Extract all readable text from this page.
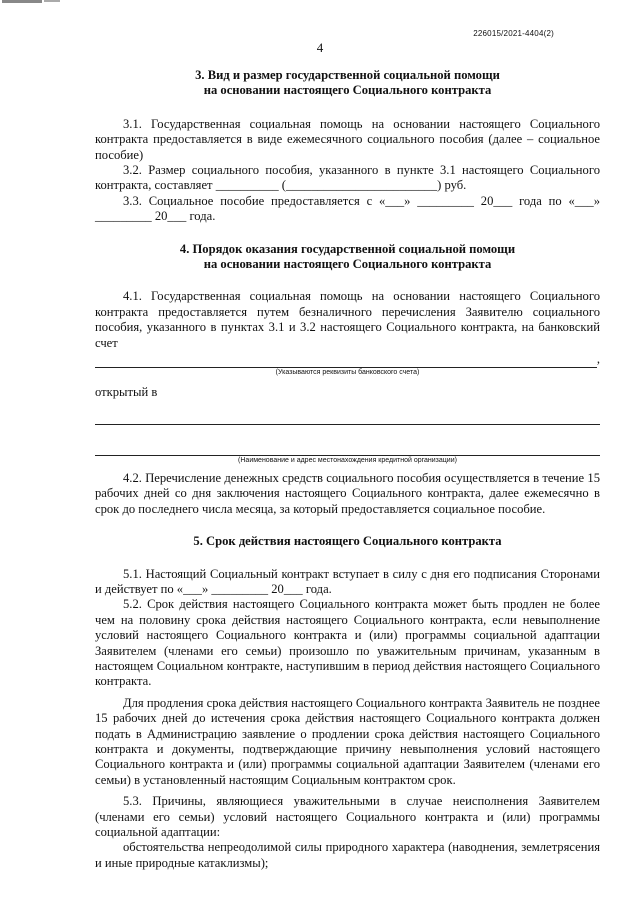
226015/2021-4404(2)
4

3. Вид и размер государственной социальной помощи
на основании настоящего Социального контракта

3.1. Государственная социальная помощь на основании настоящего Социального контракта предоставляется в виде ежемесячного социального пособия (далее – социальное пособие)

3.2. Размер социального пособия, указанного в пункте 3.1 настоящего Социального контракта, составляет __________ (________________________) руб.

3.3. Социальное пособие предоставляется с «___» _________ 20___ года по «___» _________ 20___ года.

4. Порядок оказания государственной социальной помощи
на основании настоящего Социального контракта

4.1. Государственная социальная помощь на основании настоящего Социального контракта предоставляется путем безналичного перечисления Заявителю социального пособия, указанного в пунктах 3.1 и 3.2 настоящего Социального контракта, на банковский счет

,
(Указываются реквизиты банковского счета)

открытый в

(Наименование и адрес местонахождения кредитной организации)

4.2. Перечисление денежных средств социального пособия осуществляется в течение 15 рабочих дней со дня заключения настоящего Социального контракта, далее ежемесячно в срок до последнего числа месяца, за который предоставляется социальное пособие.

5. Срок действия настоящего Социального контракта

5.1. Настоящий Социальный контракт вступает в силу с дня его подписания Сторонами и действует по «___» _________ 20___ года.

5.2. Срок действия настоящего Социального контракта может быть продлен не более чем на половину срока действия настоящего Социального контракта, если невыполнение условий настоящего Социального контракта и (или) программы социальной адаптации Заявителем (членами его семьи) произошло по уважительным причинам, указанным в настоящем Социальном контракте, наступившим в период действия настоящего Социального контракта.

Для продления срока действия настоящего Социального контракта Заявитель не позднее 15 рабочих дней до истечения срока действия настоящего Социального контракта должен подать в Администрацию заявление о продлении срока действия настоящего Социального контракта и документы, подтверждающие причину невыполнения условий настоящего Социального контракта и (или) программы социальной адаптации Заявителем (членами его семьи) в установленный настоящим Социальным контрактом срок.

5.3. Причины, являющиеся уважительными в случае неисполнения Заявителем (членами его семьи) условий настоящего Социального контракта и (или) программы социальной адаптации:

обстоятельства непреодолимой силы природного характера (наводнения, землетрясения и иные природные катаклизмы);
